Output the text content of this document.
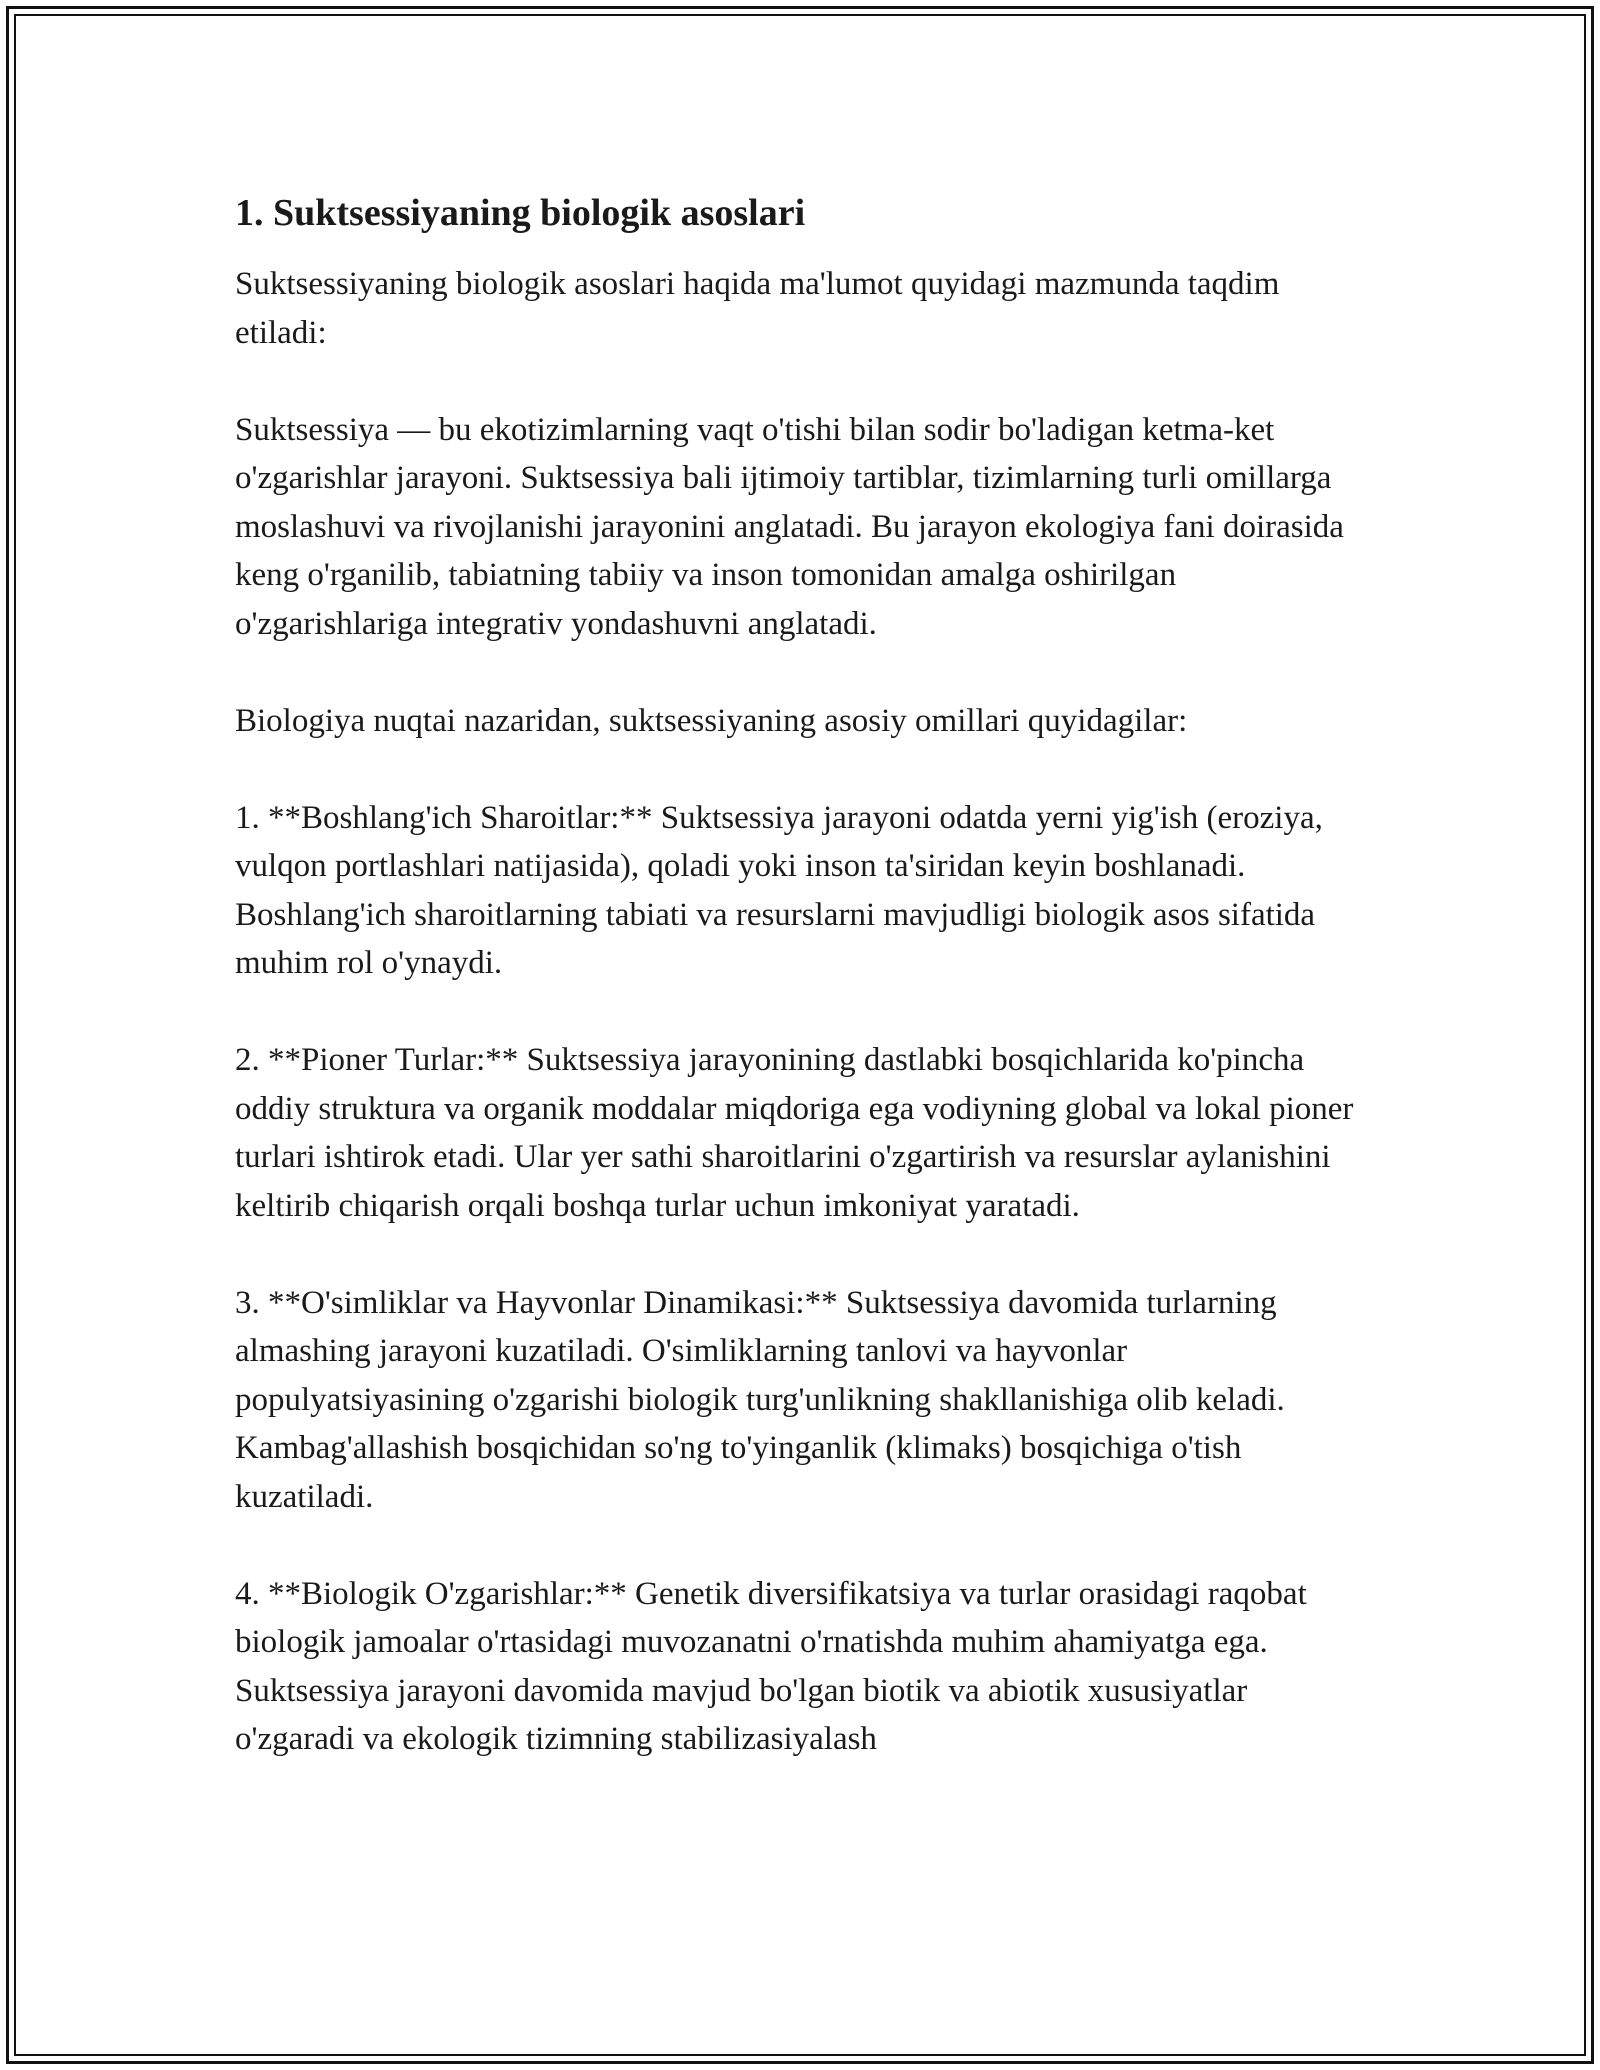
1. Suktsessiyaning biologik asoslari

Suktsessiyaning biologik asoslari haqida ma'lumot quyidagi mazmunda taqdim etiladi:

Suktsessiya — bu ekotizimlarning vaqt o'tishi bilan sodir bo'ladigan ketma-ket o'zgarishlar jarayoni. Suktsessiya bali ijtimoiy tartiblar, tizimlarning turli omillarga moslashuvi va rivojlanishi jarayonini anglatadi. Bu jarayon ekologiya fani doirasida keng o'rganilib, tabiatning tabiiy va inson tomonidan amalga oshirilgan o'zgarishlariga integrativ yondashuvni anglatadi.

Biologiya nuqtai nazaridan, suktsessiyaning asosiy omillari quyidagilar:

1. **Boshlang'ich Sharoitlar:** Suktsessiya jarayoni odatda yerni yig'ish (eroziya, vulqon portlashlari natijasida), qoladi yoki inson ta'siridan keyin boshlanadi. Boshlang'ich sharoitlarning tabiati va resurslarni mavjudligi biologik asos sifatida muhim rol o'ynaydi.

2. **Pioner Turlar:** Suktsessiya jarayonining dastlabki bosqichlarida ko'pincha oddiy struktura va organik moddalar miqdoriga ega vodiyning global va lokal pioner turlari ishtirok etadi. Ular yer sathi sharoitlarini o'zgartirish va resurslar aylanishini keltirib chiqarish orqali boshqa turlar uchun imkoniyat yaratadi.

3. **O'simliklar va Hayvonlar Dinamikasi:** Suktsessiya davomida turlarning almashing jarayoni kuzatiladi. O'simliklarning tanlovi va hayvonlar populyatsiyasining o'zgarishi biologik turg'unlikning shakllanishiga olib keladi. Kambag'allashish bosqichidan so'ng to'yinganlik (klimaks) bosqichiga o'tish kuzatiladi.

4. **Biologik O'zgarishlar:** Genetik diversifikatsiya va turlar orasidagi raqobat biologik jamoalar o'rtasidagi muvozanatni o'rnatishda muhim ahamiyatga ega. Suktsessiya jarayoni davomida mavjud bo'lgan biotik va abiotik xususiyatlar o'zgaradi va ekologik tizimning stabilizasiyalash
